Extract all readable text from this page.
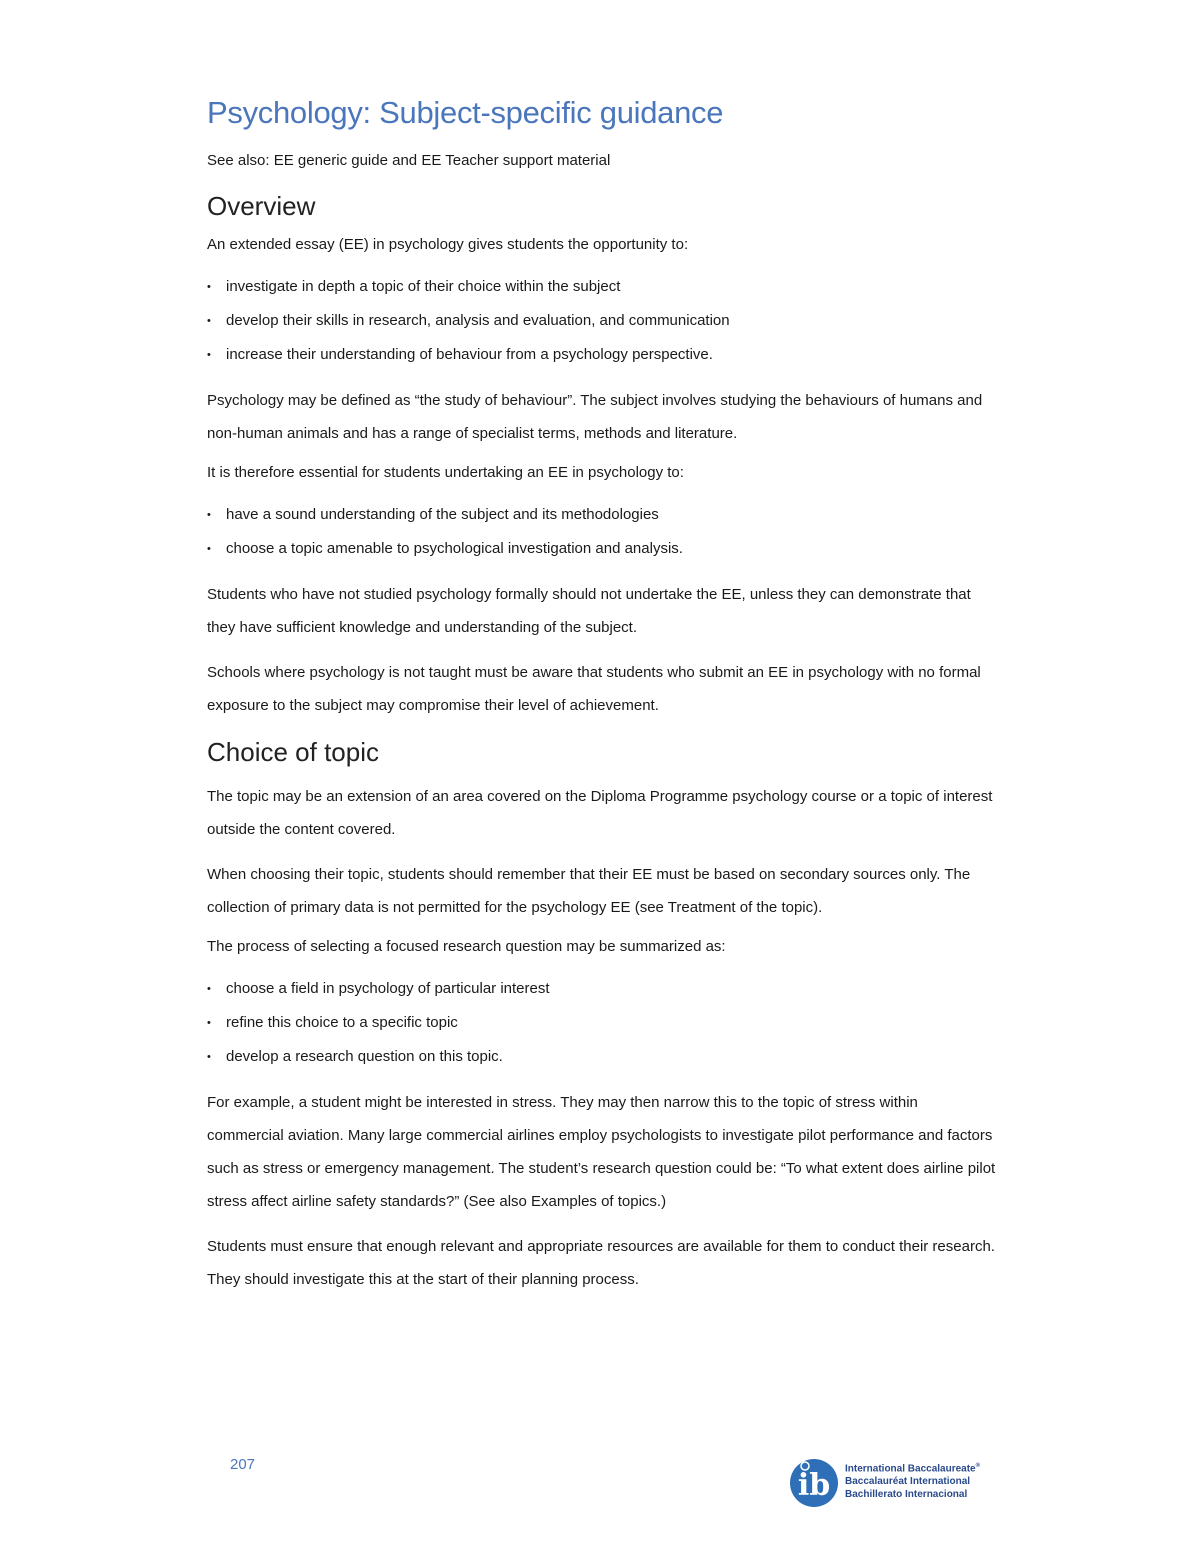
Psychology: Subject-specific guidance
See also: EE generic guide and EE Teacher support material
Overview

An extended essay (EE) in psychology gives students the opportunity to:

• investigate in depth a topic of their choice within the subject
• develop their skills in research, analysis and evaluation, and communication
• increase their understanding of behaviour from a psychology perspective.

Psychology may be defined as “the study of behaviour”. The subject involves studying the behaviours of humans and non-human animals and has a range of specialist terms, methods and literature.

It is therefore essential for students undertaking an EE in psychology to:

• have a sound understanding of the subject and its methodologies
• choose a topic amenable to psychological investigation and analysis.

Students who have not studied psychology formally should not undertake the EE, unless they can demonstrate that they have sufficient knowledge and understanding of the subject.

Schools where psychology is not taught must be aware that students who submit an EE in psychology with no formal exposure to the subject may compromise their level of achievement.

Choice of topic

The topic may be an extension of an area covered on the Diploma Programme psychology course or a topic of interest outside the content covered.

When choosing their topic, students should remember that their EE must be based on secondary sources only. The collection of primary data is not permitted for the psychology EE (see Treatment of the topic).

The process of selecting a focused research question may be summarized as:

• choose a field in psychology of particular interest
• refine this choice to a specific topic
• develop a research question on this topic.

For example, a student might be interested in stress. They may then narrow this to the topic of stress within commercial aviation. Many large commercial airlines employ psychologists to investigate pilot performance and factors such as stress or emergency management. The student’s research question could be: “To what extent does airline pilot stress affect airline safety standards?” (See also Examples of topics.)

Students must ensure that enough relevant and appropriate resources are available for them to conduct their research. They should investigate this at the start of their planning process.

207
ib International Baccalaureate®
Baccalauréat International
Bachillerato Internacional
